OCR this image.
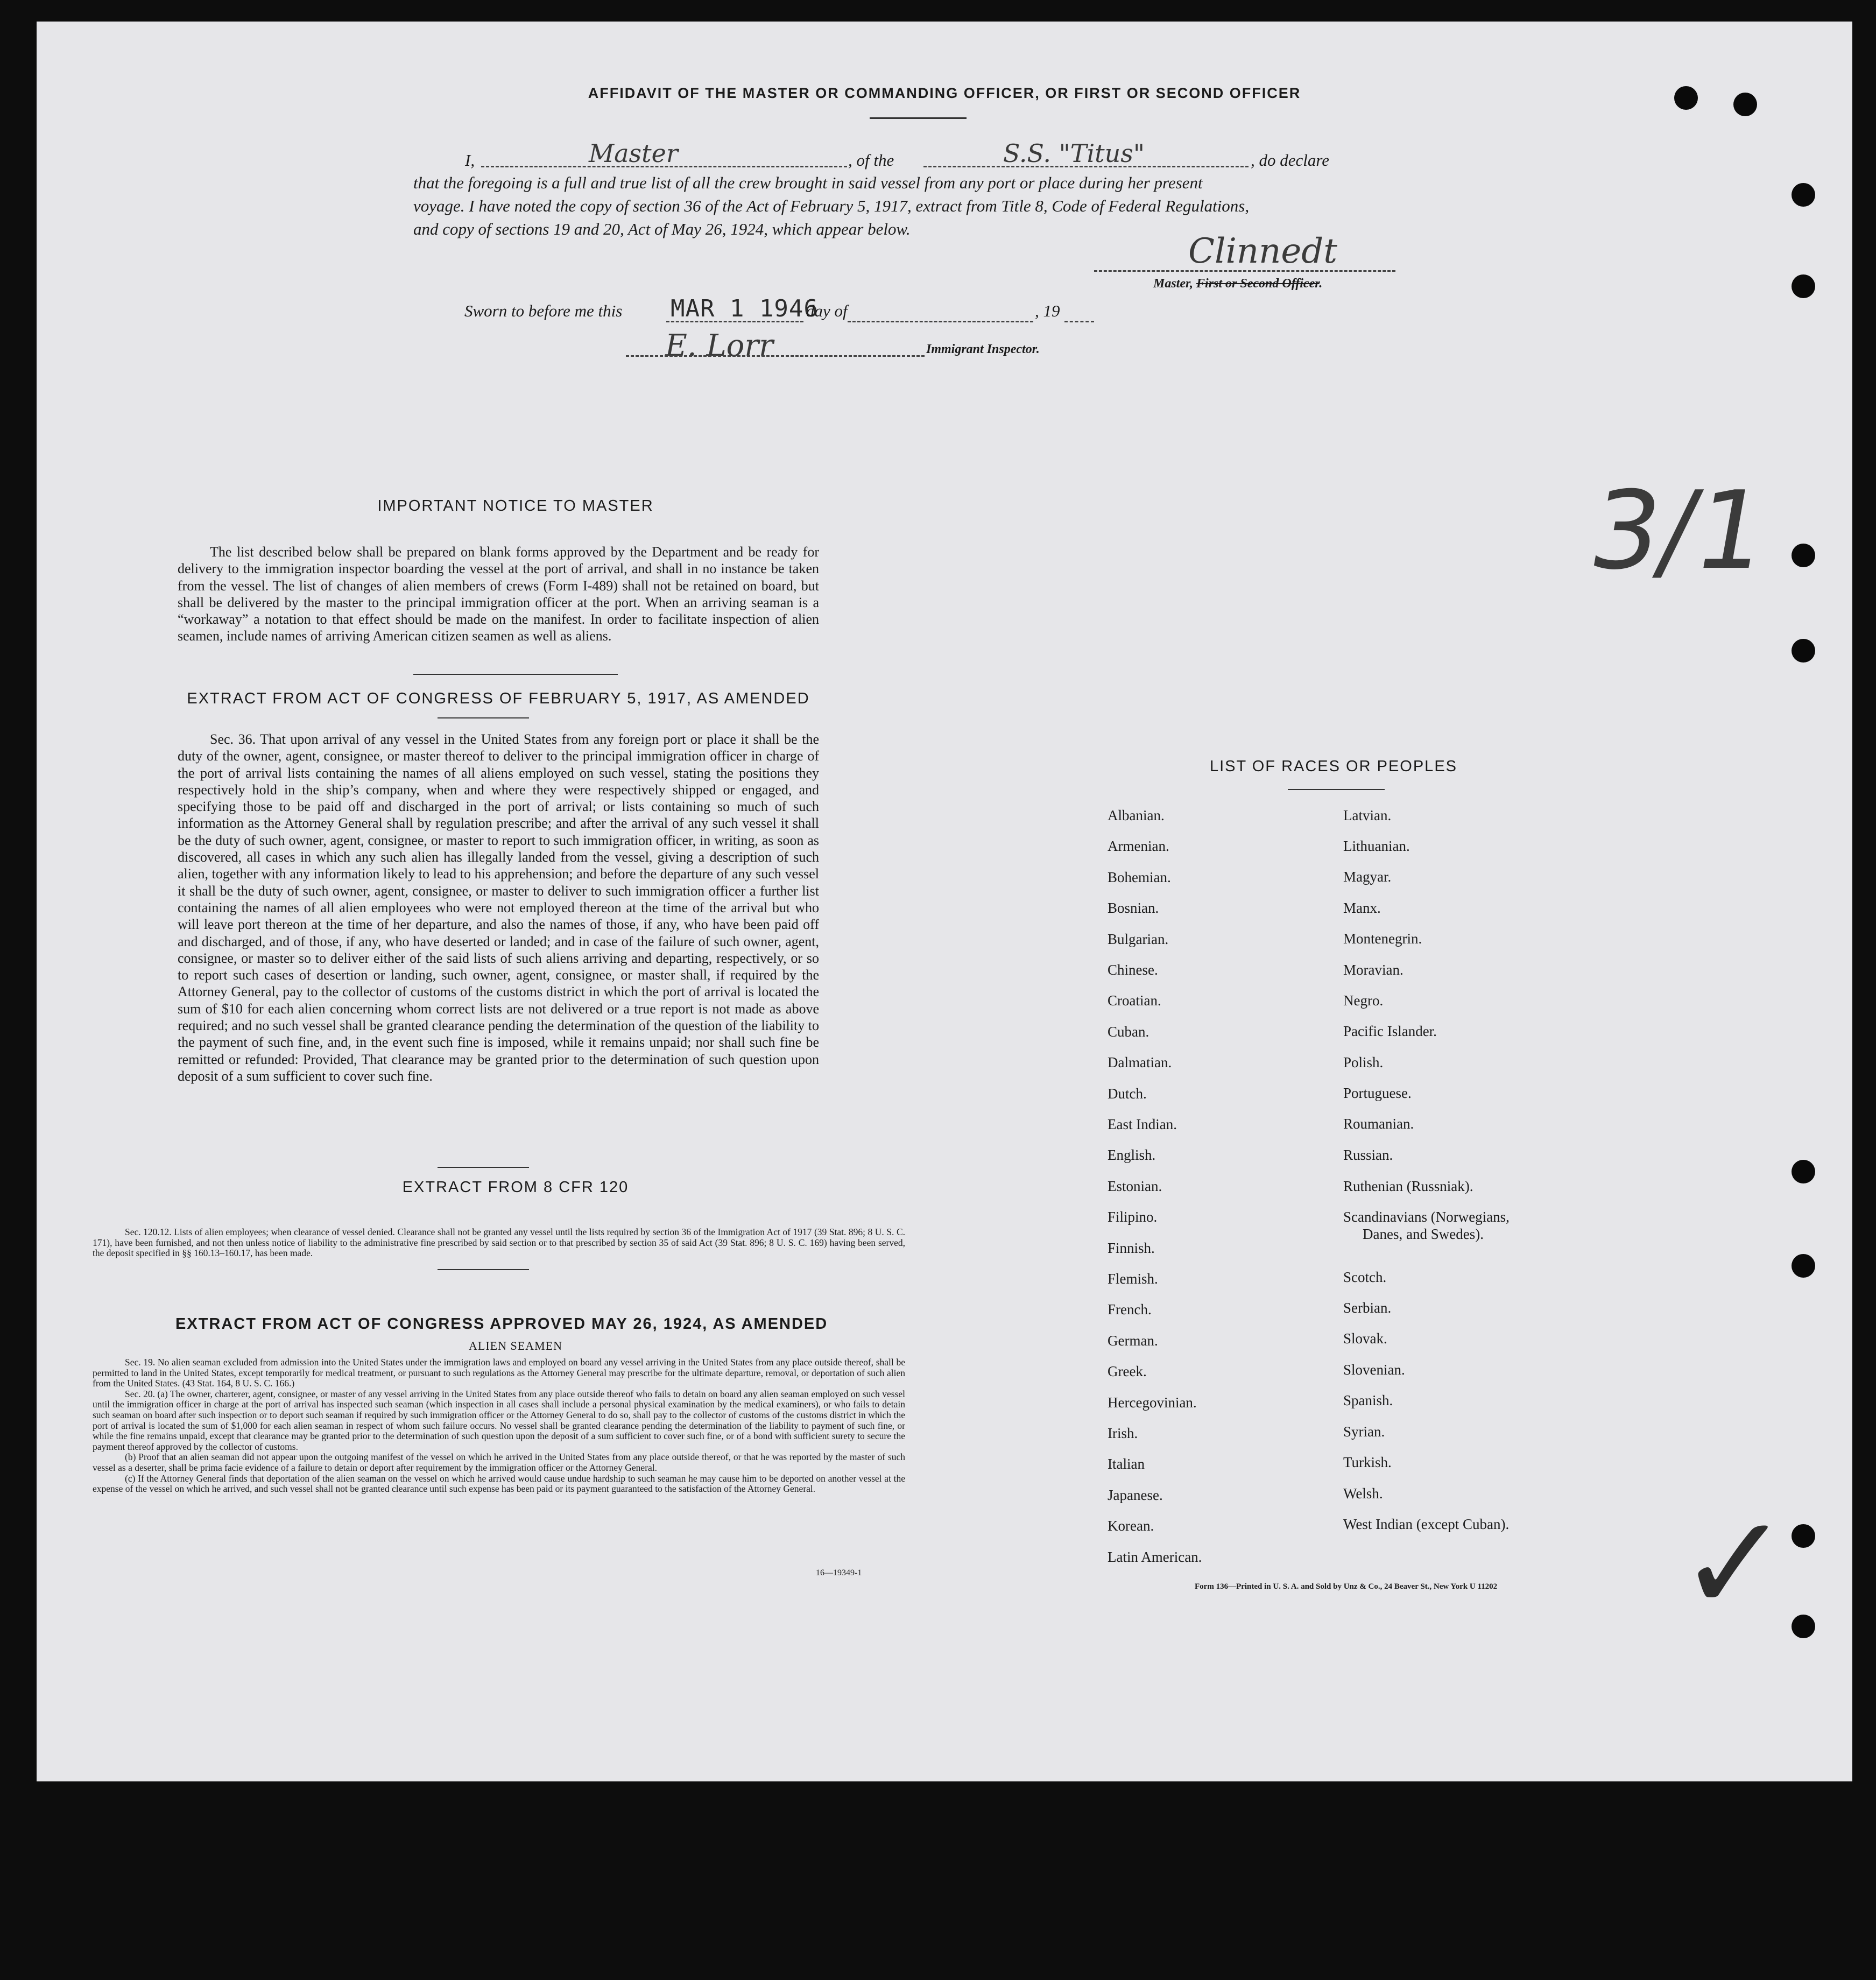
AFFIDAVIT OF THE MASTER OR COMMANDING OFFICER, OR FIRST OR SECOND OFFICER
I,	Master	, of the	S.S. "Titus"	, do declare
that the foregoing is a full and true list of all the crew brought in said vessel from any port or place during her present
voyage. I have noted the copy of section 36 of the Act of February 5, 1917, extract from Title 8, Code of Federal Regulations,
and copy of sections 19 and 20, Act of May 26, 1924, which appear below.
Clinnedt
Master, First or Second Officer.
Sworn to before me this MAR 1 1946
day of	, 19
E. Lorr	Immigrant Inspector.
3/1
✓
IMPORTANT NOTICE TO MASTER

The list described below shall be prepared on blank forms approved by the Department and be ready for delivery to the immigration inspector boarding the vessel at the port of arrival, and shall in no instance be taken from the vessel. The list of changes of alien members of crews (Form I-489) shall not be retained on board, but shall be delivered by the master to the principal immigration officer at the port. When an arriving seaman is a “workaway” a notation to that effect should be made on the manifest. In order to facilitate inspection of alien seamen, include names of arriving American citizen seamen as well as aliens.

EXTRACT FROM ACT OF CONGRESS OF FEBRUARY 5, 1917, AS AMENDED

Sec. 36. That upon arrival of any vessel in the United States from any foreign port or place it shall be the duty of the owner, agent, consignee, or master thereof to deliver to the principal immigration officer in charge of the port of arrival lists containing the names of all aliens employed on such vessel, stating the positions they respectively hold in the ship’s company, when and where they were respectively shipped or engaged, and specifying those to be paid off and discharged in the port of arrival; or lists containing so much of such information as the Attorney General shall by regulation prescribe; and after the arrival of any such vessel it shall be the duty of such owner, agent, consignee, or master to report to such immigration officer, in writing, as soon as discovered, all cases in which any such alien has illegally landed from the vessel, giving a description of such alien, together with any information likely to lead to his apprehension; and before the departure of any such vessel it shall be the duty of such owner, agent, consignee, or master to deliver to such immigration officer a further list containing the names of all alien employees who were not employed thereon at the time of the arrival but who will leave port thereon at the time of her departure, and also the names of those, if any, who have been paid off and discharged, and of those, if any, who have deserted or landed; and in case of the failure of such owner, agent, consignee, or master so to deliver either of the said lists of such aliens arriving and departing, respectively, or so to report such cases of desertion or landing, such owner, agent, consignee, or master shall, if required by the Attorney General, pay to the collector of customs of the customs district in which the port of arrival is located the sum of $10 for each alien concerning whom correct lists are not delivered or a true report is not made as above required; and no such vessel shall be granted clearance pending the determination of the question of the liability to the payment of such fine, and, in the event such fine is imposed, while it remains unpaid; nor shall such fine be remitted or refunded: Provided, That clearance may be granted prior to the determination of such question upon deposit of a sum sufficient to cover such fine.

EXTRACT FROM 8 CFR 120

Sec. 120.12. Lists of alien employees; when clearance of vessel denied. Clearance shall not be granted any vessel until the lists required by section 36 of the Immigration Act of 1917 (39 Stat. 896; 8 U. S. C. 171), have been furnished, and not then unless notice of liability to the administrative fine prescribed by said section or to that prescribed by section 35 of said Act (39 Stat. 896; 8 U. S. C. 169) having been served, the deposit specified in §§ 160.13–160.17, has been made.

EXTRACT FROM ACT OF CONGRESS APPROVED MAY 26, 1924, AS AMENDED
ALIEN SEAMEN

Sec. 19. No alien seaman excluded from admission into the United States under the immigration laws and employed on board any vessel arriving in the United States from any place outside thereof, shall be permitted to land in the United States, except temporarily for medical treatment, or pursuant to such regulations as the Attorney General may prescribe for the ultimate departure, removal, or deportation of such alien from the United States. (43 Stat. 164, 8 U. S. C. 166.)

Sec. 20. (a) The owner, charterer, agent, consignee, or master of any vessel arriving in the United States from any place outside thereof who fails to detain on board any alien seaman employed on such vessel until the immigration officer in charge at the port of arrival has inspected such seaman (which inspection in all cases shall include a personal physical examination by the medical examiners), or who fails to detain such seaman on board after such inspection or to deport such seaman if required by such immigration officer or the Attorney General to do so, shall pay to the collector of customs of the customs district in which the port of arrival is located the sum of $1,000 for each alien seaman in respect of whom such failure occurs. No vessel shall be granted clearance pending the determination of the liability to payment of such fine, or while the fine remains unpaid, except that clearance may be granted prior to the determination of such question upon the deposit of a sum sufficient to cover such fine, or of a bond with sufficient surety to secure the payment thereof approved by the collector of customs.

(b) Proof that an alien seaman did not appear upon the outgoing manifest of the vessel on which he arrived in the United States from any place outside thereof, or that he was reported by the master of such vessel as a deserter, shall be prima facie evidence of a failure to detain or deport after requirement by the immigration officer or the Attorney General.

(c) If the Attorney General finds that deportation of the alien seaman on the vessel on which he arrived would cause undue hardship to such seaman he may cause him to be deported on another vessel at the expense of the vessel on which he arrived, and such vessel shall not be granted clearance until such expense has been paid or its payment guaranteed to the satisfaction of the Attorney General.

16—19349-1
LIST OF RACES OR PEOPLES
Albanian.
Armenian.
Bohemian.
Bosnian.
Bulgarian.
Chinese.
Croatian.
Cuban.
Dalmatian.
Dutch.
East Indian.
English.
Estonian.
Filipino.
Finnish.
Flemish.
French.
German.
Greek.
Hercegovinian.
Irish.
Italian
Japanese.
Korean.
Latin American.
Latvian.
Lithuanian.
Magyar.
Manx.
Montenegrin.
Moravian.
Negro.
Pacific Islander.
Polish.
Portuguese.
Roumanian.
Russian.
Ruthenian (Russniak).
Scandinavians (Norwegians,
Danes, and Swedes).
Scotch.
Serbian.
Slovak.
Slovenian.
Spanish.
Syrian.
Turkish.
Welsh.
West Indian (except Cuban).
Form 136—Printed in U. S. A. and Sold by Unz & Co., 24 Beaver St., New York U 11202
